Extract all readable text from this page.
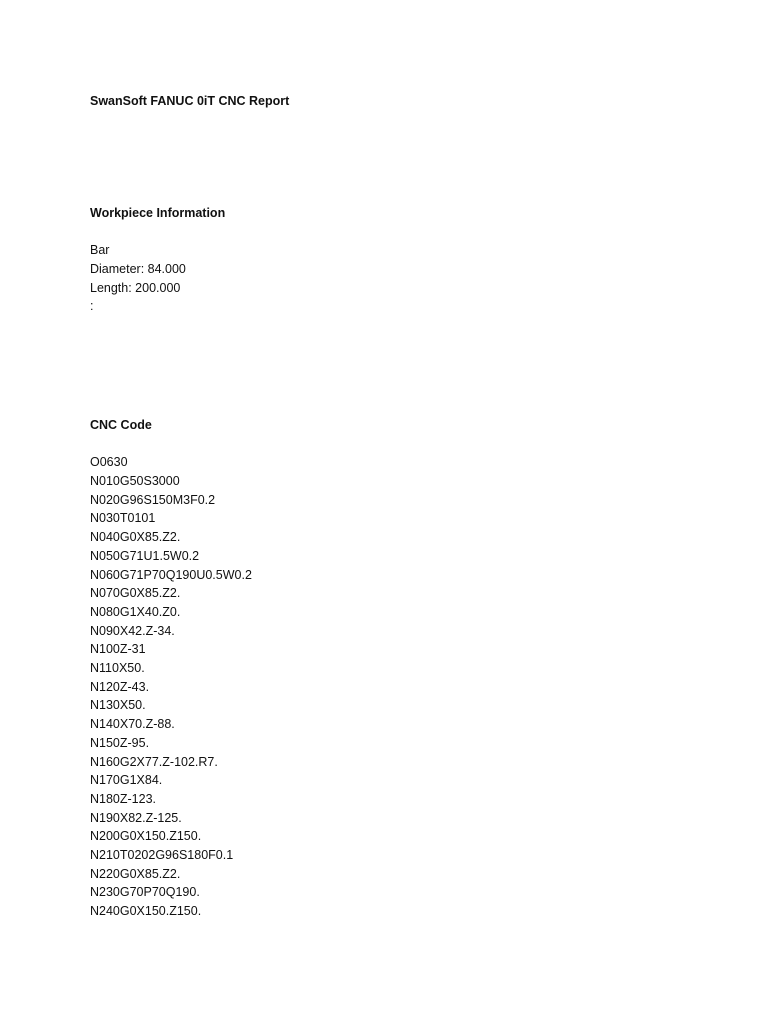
SwanSoft FANUC 0iT CNC Report

Workpiece Information

Bar

Diameter: 84.000

Length: 200.000

:

CNC Code

O0630

N010G50S3000

N020G96S150M3F0.2

N030T0101

N040G0X85.Z2.

N050G71U1.5W0.2

N060G71P70Q190U0.5W0.2

N070G0X85.Z2.

N080G1X40.Z0.

N090X42.Z-34.

N100Z-31

N110X50.

N120Z-43.

N130X50.

N140X70.Z-88.

N150Z-95.

N160G2X77.Z-102.R7.

N170G1X84.

N180Z-123.

N190X82.Z-125.

N200G0X150.Z150.

N210T0202G96S180F0.1

N220G0X85.Z2.

N230G70P70Q190.

N240G0X150.Z150.
